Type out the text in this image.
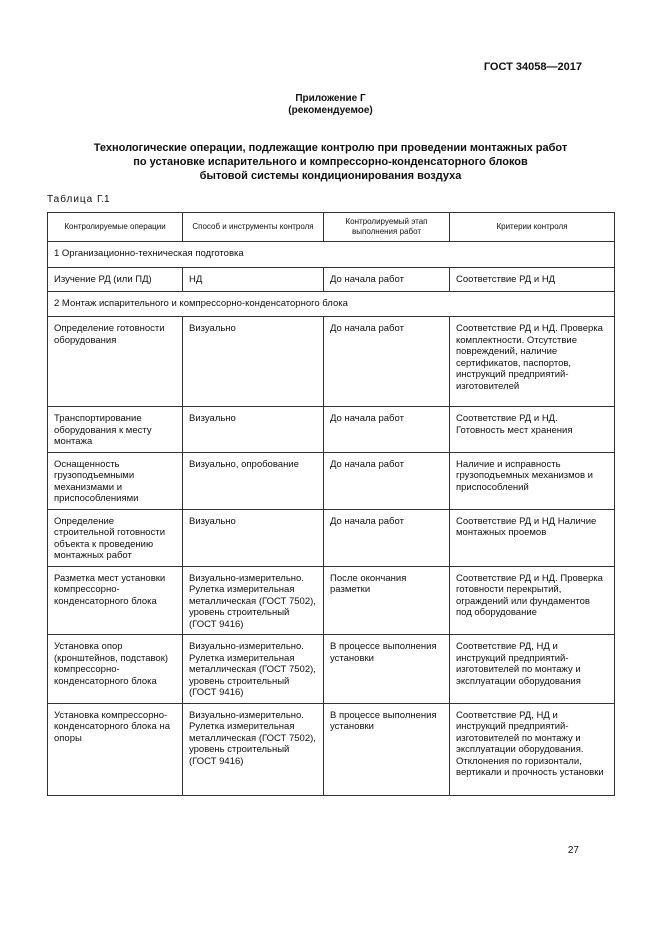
ГОСТ 34058—2017
Приложение Г
(рекомендуемое)
Технологические операции, подлежащие контролю при проведении монтажных работ
по установке испарительного и компрессорно-конденсаторного блоков
бытовой системы кондиционирования воздуха
Таблица Г.1
Контролируемые операции	Способ и инструменты контроля	Контролируемый этап выполнения работ	Критерии контроля
1 Организационно-техническая подготовка			
Изучение РД (или ПД)	НД	До начала работ	Соответствие РД и НД
2 Монтаж испарительного и компрессорно-конденсаторного блока			
Определение готовности оборудования	Визуально	До начала работ	Соответствие РД и НД. Проверка комплектности. Отсутствие повреждений, наличие сертификатов, паспортов, инструкций предприятий-изготовителей
Транспортирование оборудования к месту монтажа	Визуально	До начала работ	Соответствие РД и НД. Готовность мест хранения
Оснащенность грузоподъемными механизмами и приспособлениями	Визуально, опробование	До начала работ	Наличие и исправность грузоподъемных механизмов и приспособлений
Определение строительной готовности объекта к проведению монтажных работ	Визуально	До начала работ	Соответствие РД и НД Наличие монтажных проемов
Разметка мест установки компрессорно-конденсаторного блока	Визуально-измерительно. Рулетка измерительная металлическая (ГОСТ 7502), уровень строительный (ГОСТ 9416)	После окончания разметки	Соответствие РД и НД. Проверка готовности перекрытий, ограждений или фундаментов под оборудование
Установка опор (кронштейнов, подставок) компрессорно-конденсаторного блока	Визуально-измерительно. Рулетка измерительная металлическая (ГОСТ 7502), уровень строительный (ГОСТ 9416)	В процессе выполнения установки	Соответствие РД, НД и инструкций предприятий-изготовителей по монтажу и эксплуатации оборудования
Установка компрессорно-конденсаторного блока на опоры	Визуально-измерительно. Рулетка измерительная металлическая (ГОСТ 7502), уровень строительный (ГОСТ 9416)	В процессе выполнения установки	Соответствие РД, НД и инструкций предприятий-изготовителей по монтажу и эксплуатации оборудования. Отклонения по горизонтали, вертикали и прочность установки
27
